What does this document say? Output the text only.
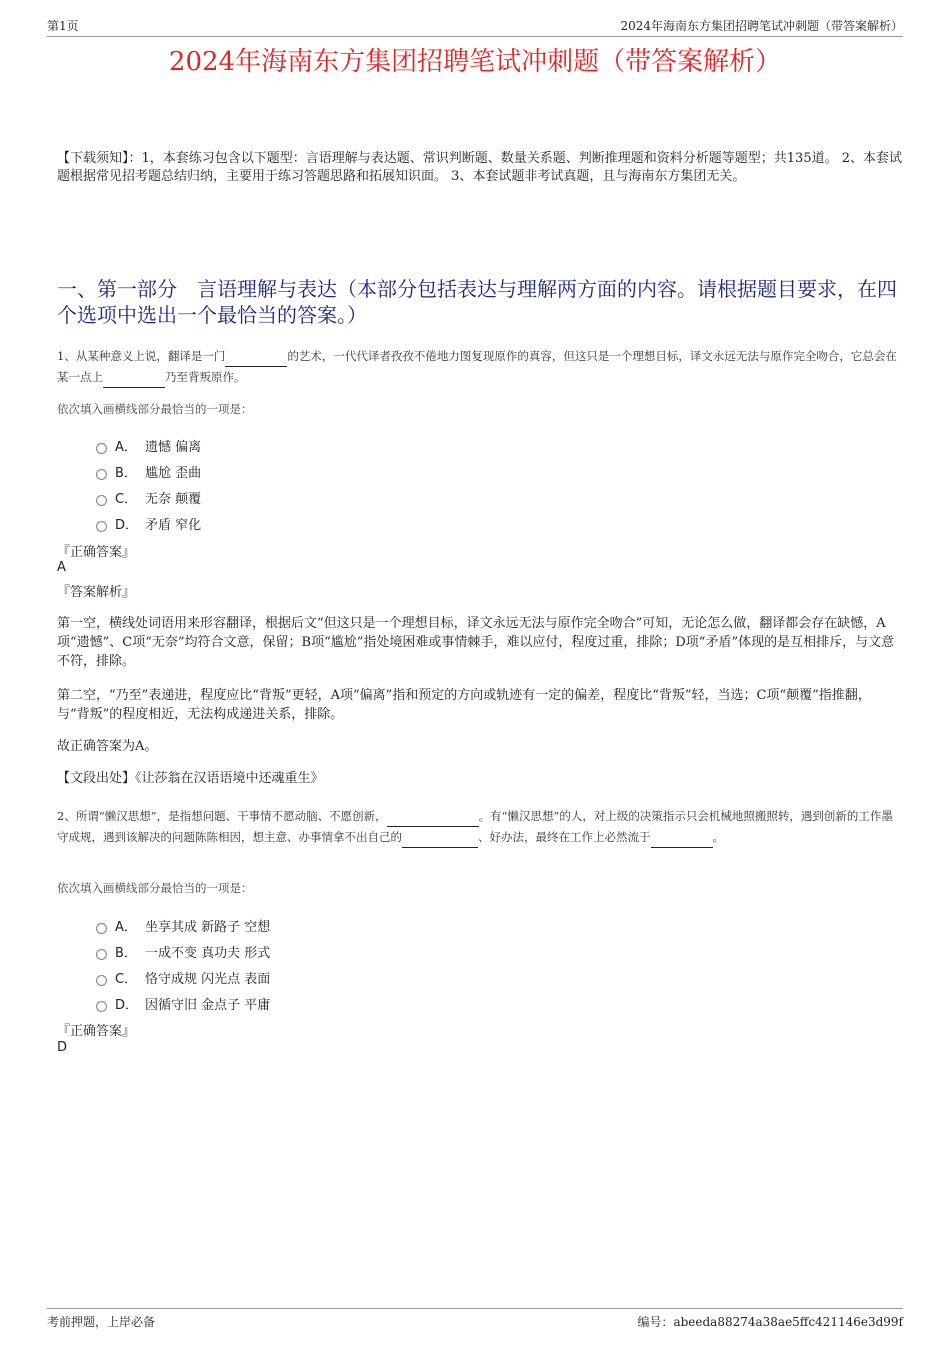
第1页	2024年海南东方集团招聘笔试冲刺题（带答案解析）
2024年海南东方集团招聘笔试冲刺题（带答案解析）
【下载须知】：1，本套练习包含以下题型：言语理解与表达题、常识判断题、数量关系题、判断推理题和资料分析题等题型；共135道。 2、本套试题根据常见招考题总结归纳，主要用于练习答题思路和拓展知识面。 3、本套试题非考试真题，且与海南东方集团无关。
一、第一部分　言语理解与表达（本部分包括表达与理解两方面的内容。请根据题目要求，在四个选项中选出一个最恰当的答案。）
1、从某种意义上说，翻译是一门	的艺术，一代代译者孜孜不倦地力图复现原作的真容，但这只是一个理想目标，译文永远无法与原作完全吻合，它总会在某一点上	乃至背叛原作。
依次填入画横线部分最恰当的一项是：
A． 遗憾 偏离
B． 尴尬 歪曲
C． 无奈 颠覆
D． 矛盾 窄化
『正确答案』
A
『答案解析』
第一空，横线处词语用来形容翻译，根据后文“但这只是一个理想目标，译文永远无法与原作完全吻合”可知，无论怎么做，翻译都会存在缺憾，A项“遗憾”、C项“无奈”均符合文意，保留；B项“尴尬”指处境困难或事情棘手，难以应付，程度过重，排除；D项“矛盾”体现的是互相排斥，与文意不符，排除。
第二空，“乃至”表递进，程度应比“背叛”更轻，A项“偏离”指和预定的方向或轨迹有一定的偏差，程度比“背叛”轻，当选；C项“颠覆”指推翻，与“背叛”的程度相近，无法构成递进关系，排除。
故正确答案为A。
【文段出处】《让莎翁在汉语语境中还魂重生》
2、所谓“懒汉思想”，是指想问题、干事情不愿动脑、不愿创新，	。有“懒汉思想”的人，对上级的决策指示只会机械地照搬照转，遇到创新的工作墨守成规，遇到该解决的问题陈陈相因，想主意、办事情拿不出自己的	、好办法，最终在工作上必然流于	。
依次填入画横线部分最恰当的一项是：
A． 坐享其成 新路子 空想
B． 一成不变 真功夫 形式
C． 恪守成规 闪光点 表面
D． 因循守旧 金点子 平庸
『正确答案』
D
考前押题，上岸必备	编号：abeeda88274a38ae5ffc421146e3d99f
